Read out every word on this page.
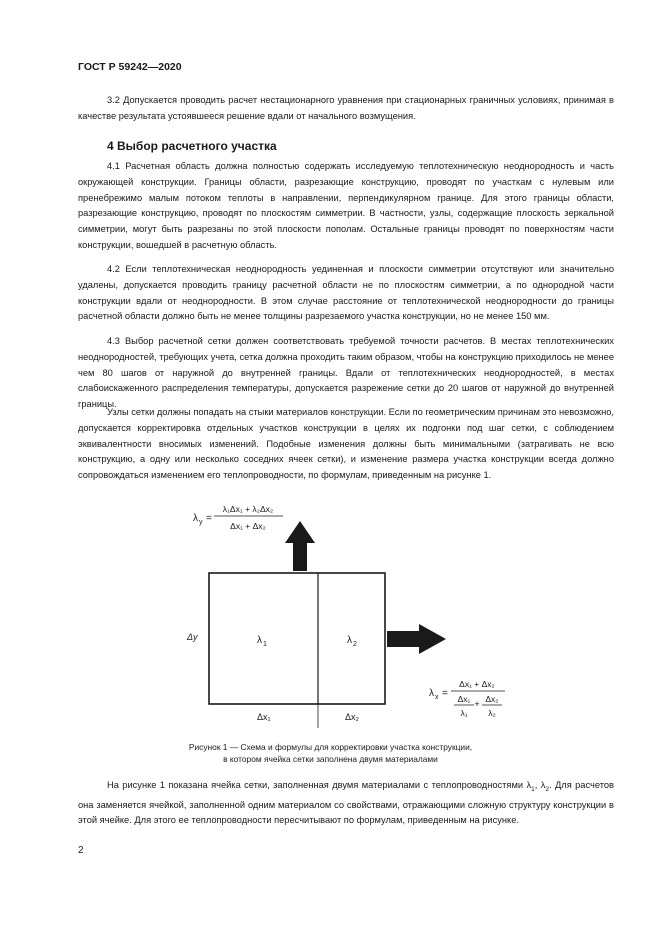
ГОСТ Р 59242—2020
3.2 Допускается проводить расчет нестационарного уравнения при стационарных граничных условиях, принимая в качестве результата устоявшееся решение вдали от начального возмущения.
4 Выбор расчетного участка
4.1 Расчетная область должна полностью содержать исследуемую теплотехническую неоднородность и часть окружающей конструкции. Границы области, разрезающие конструкцию, проводят по участкам с нулевым или пренебрежимо малым потоком теплоты в направлении, перпендикулярном границе. Для этого границы области, разрезающие конструкцию, проводят по плоскостям симметрии. В частности, узлы, содержащие плоскость зеркальной симметрии, могут быть разрезаны по этой плоскости пополам. Остальные границы проводят по поверхностям части конструкции, вошедшей в расчетную область.
4.2 Если теплотехническая неоднородность уединенная и плоскости симметрии отсутствуют или значительно удалены, допускается проводить границу расчетной области не по плоскостям симметрии, а по однородной части конструкции вдали от неоднородности. В этом случае расстояние от теплотехнической неоднородности до границы расчетной области должно быть не менее толщины разрезаемого участка конструкции, но не менее 150 мм.
4.3 Выбор расчетной сетки должен соответствовать требуемой точности расчетов. В местах теплотехнических неоднородностей, требующих учета, сетка должна проходить таким образом, чтобы на конструкцию приходилось не менее чем 80 шагов от наружной до внутренней границы. Вдали от теплотехнических неоднородностей, в местах слабоискаженного распределения температуры, допускается разрежение сетки до 20 шагов от наружной до внутренней границы.
Узлы сетки должны попадать на стыки материалов конструкции. Если по геометрическим причинам это невозможно, допускается корректировка отдельных участков конструкции в целях их подгонки под шаг сетки, с соблюдением эквивалентности вносимых изменений. Подобные изменения должны быть минимальными (затрагивать не всю конструкцию, а одну или несколько соседних ячеек сетки), и изменение размера участка конструкции всегда должно сопровождаться изменением его теплопроводности, по формулам, приведенным на рисунке 1.
λ y =
λ₁Δx₁ + λ₂Δx₂
Δx₁ + Δx₂
Δy	λ 1	λ 2
Δx₁	Δx₂
λ x =
Δx₁ + Δx₂
Δx₁
λ₁
+ Δx₂
λ₂
Рисунок 1 — Схема и формулы для корректировки участка конструкции,
в котором ячейка сетки заполнена двумя материалами
На рисунке 1 показана ячейка сетки, заполненная двумя материалами с теплопроводностями $\lambda_1$, $\lambda_2$. Для расчетов она заменяется ячейкой, заполненной одним материалом со свойствами, отражающими сложную структуру конструкции в этой ячейке. Для этого ее теплопроводности пересчитывают по формулам, приведенным на рисунке.
2
